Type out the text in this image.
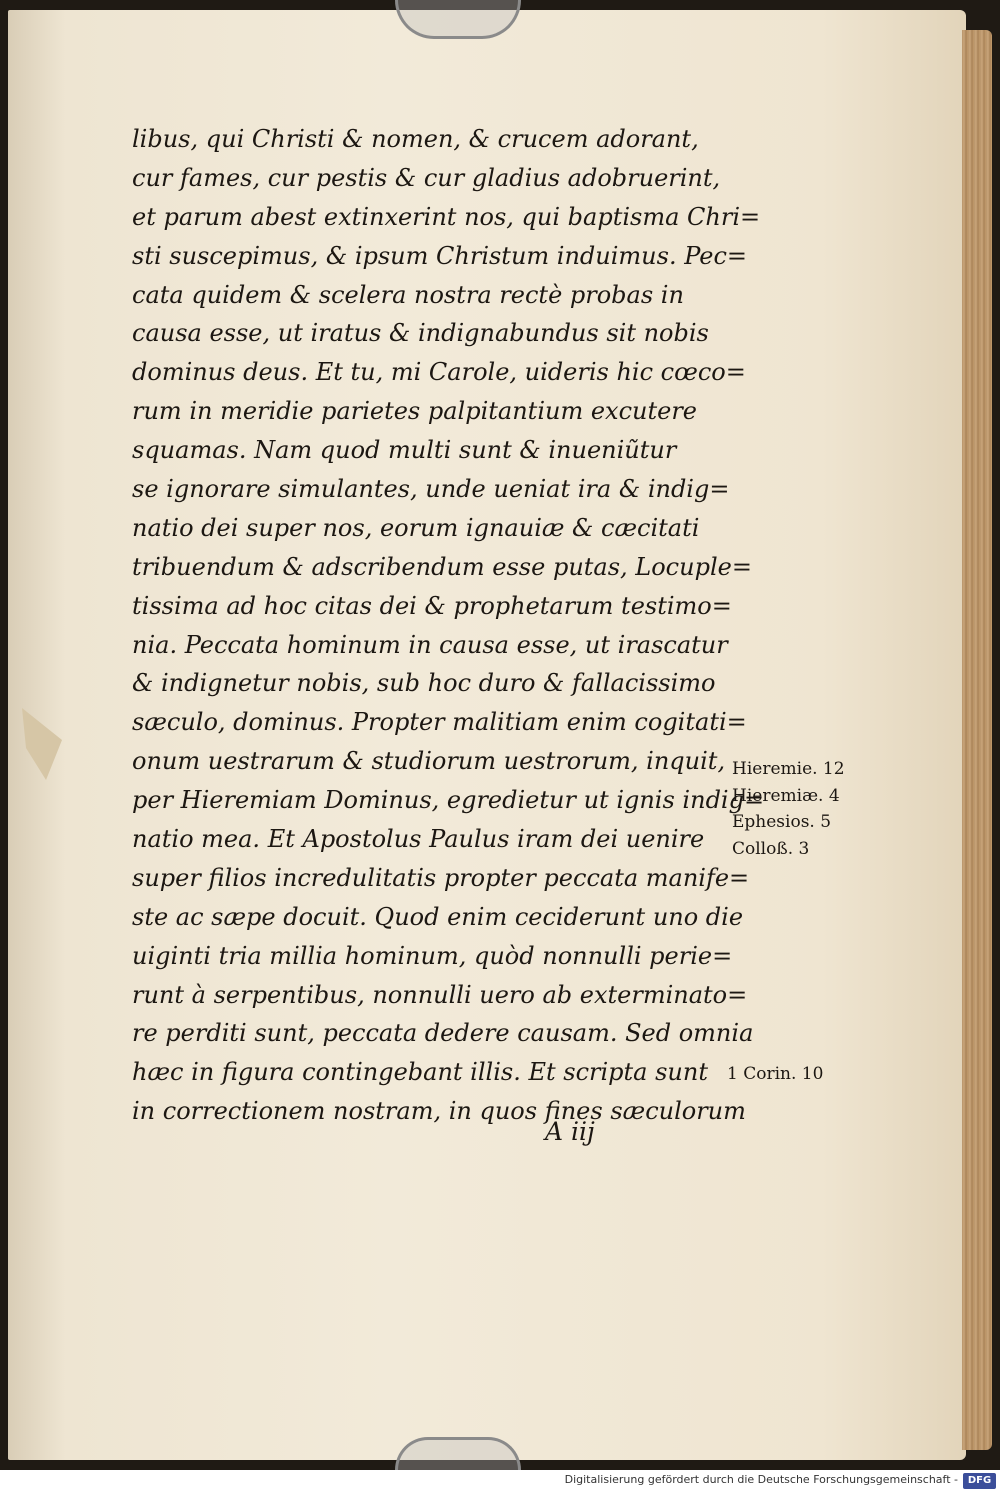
libus, qui Christi & nomen, & crucem adorant,
cur fames, cur pestis & cur gladius adobruerint,
et parum abest extinxerint nos, qui baptisma Chri=
sti suscepimus, & ipsum Christum induimus. Pec=
cata quidem & scelera nostra rectè probas in
causa esse, ut iratus & indignabundus sit nobis
dominus deus. Et tu, mi Carole, uideris hic cœco=
rum in meridie parietes palpitantium excutere
squamas. Nam quod multi sunt & inueniũtur
se ignorare simulantes, unde ueniat ira & indig=
natio dei super nos, eorum ignauiæ & cæcitati
tribuendum & adscribendum esse putas, Locuple=
tissima ad hoc citas dei & prophetarum testimo=
nia. Peccata hominum in causa esse, ut irascatur
& indignetur nobis, sub hoc duro & fallacissimo
sæculo, dominus. Propter malitiam enim cogitati=
onum uestrarum & studiorum uestrorum, inquit,
per Hieremiam Dominus, egredietur ut ignis indig=
natio mea. Et Apostolus Paulus iram dei uenire
super filios incredulitatis propter peccata manife=
ste ac sæpe docuit. Quod enim ceciderunt uno die
uiginti tria millia hominum, quòd nonnulli perie=
runt à serpentibus, nonnulli uero ab exterminato=
re perditi sunt, peccata dedere causam. Sed omnia
hæc in figura contingebant illis. Et scripta sunt
in correctionem nostram, in quos fines sæculorum
A iij
Hieremie. 12
Hieremiæ. 4
Ephesios. 5
Colloß. 3
1 Corin. 10
Digitalisierung gefördert durch die Deutsche Forschungsgemeinschaft - DFG
